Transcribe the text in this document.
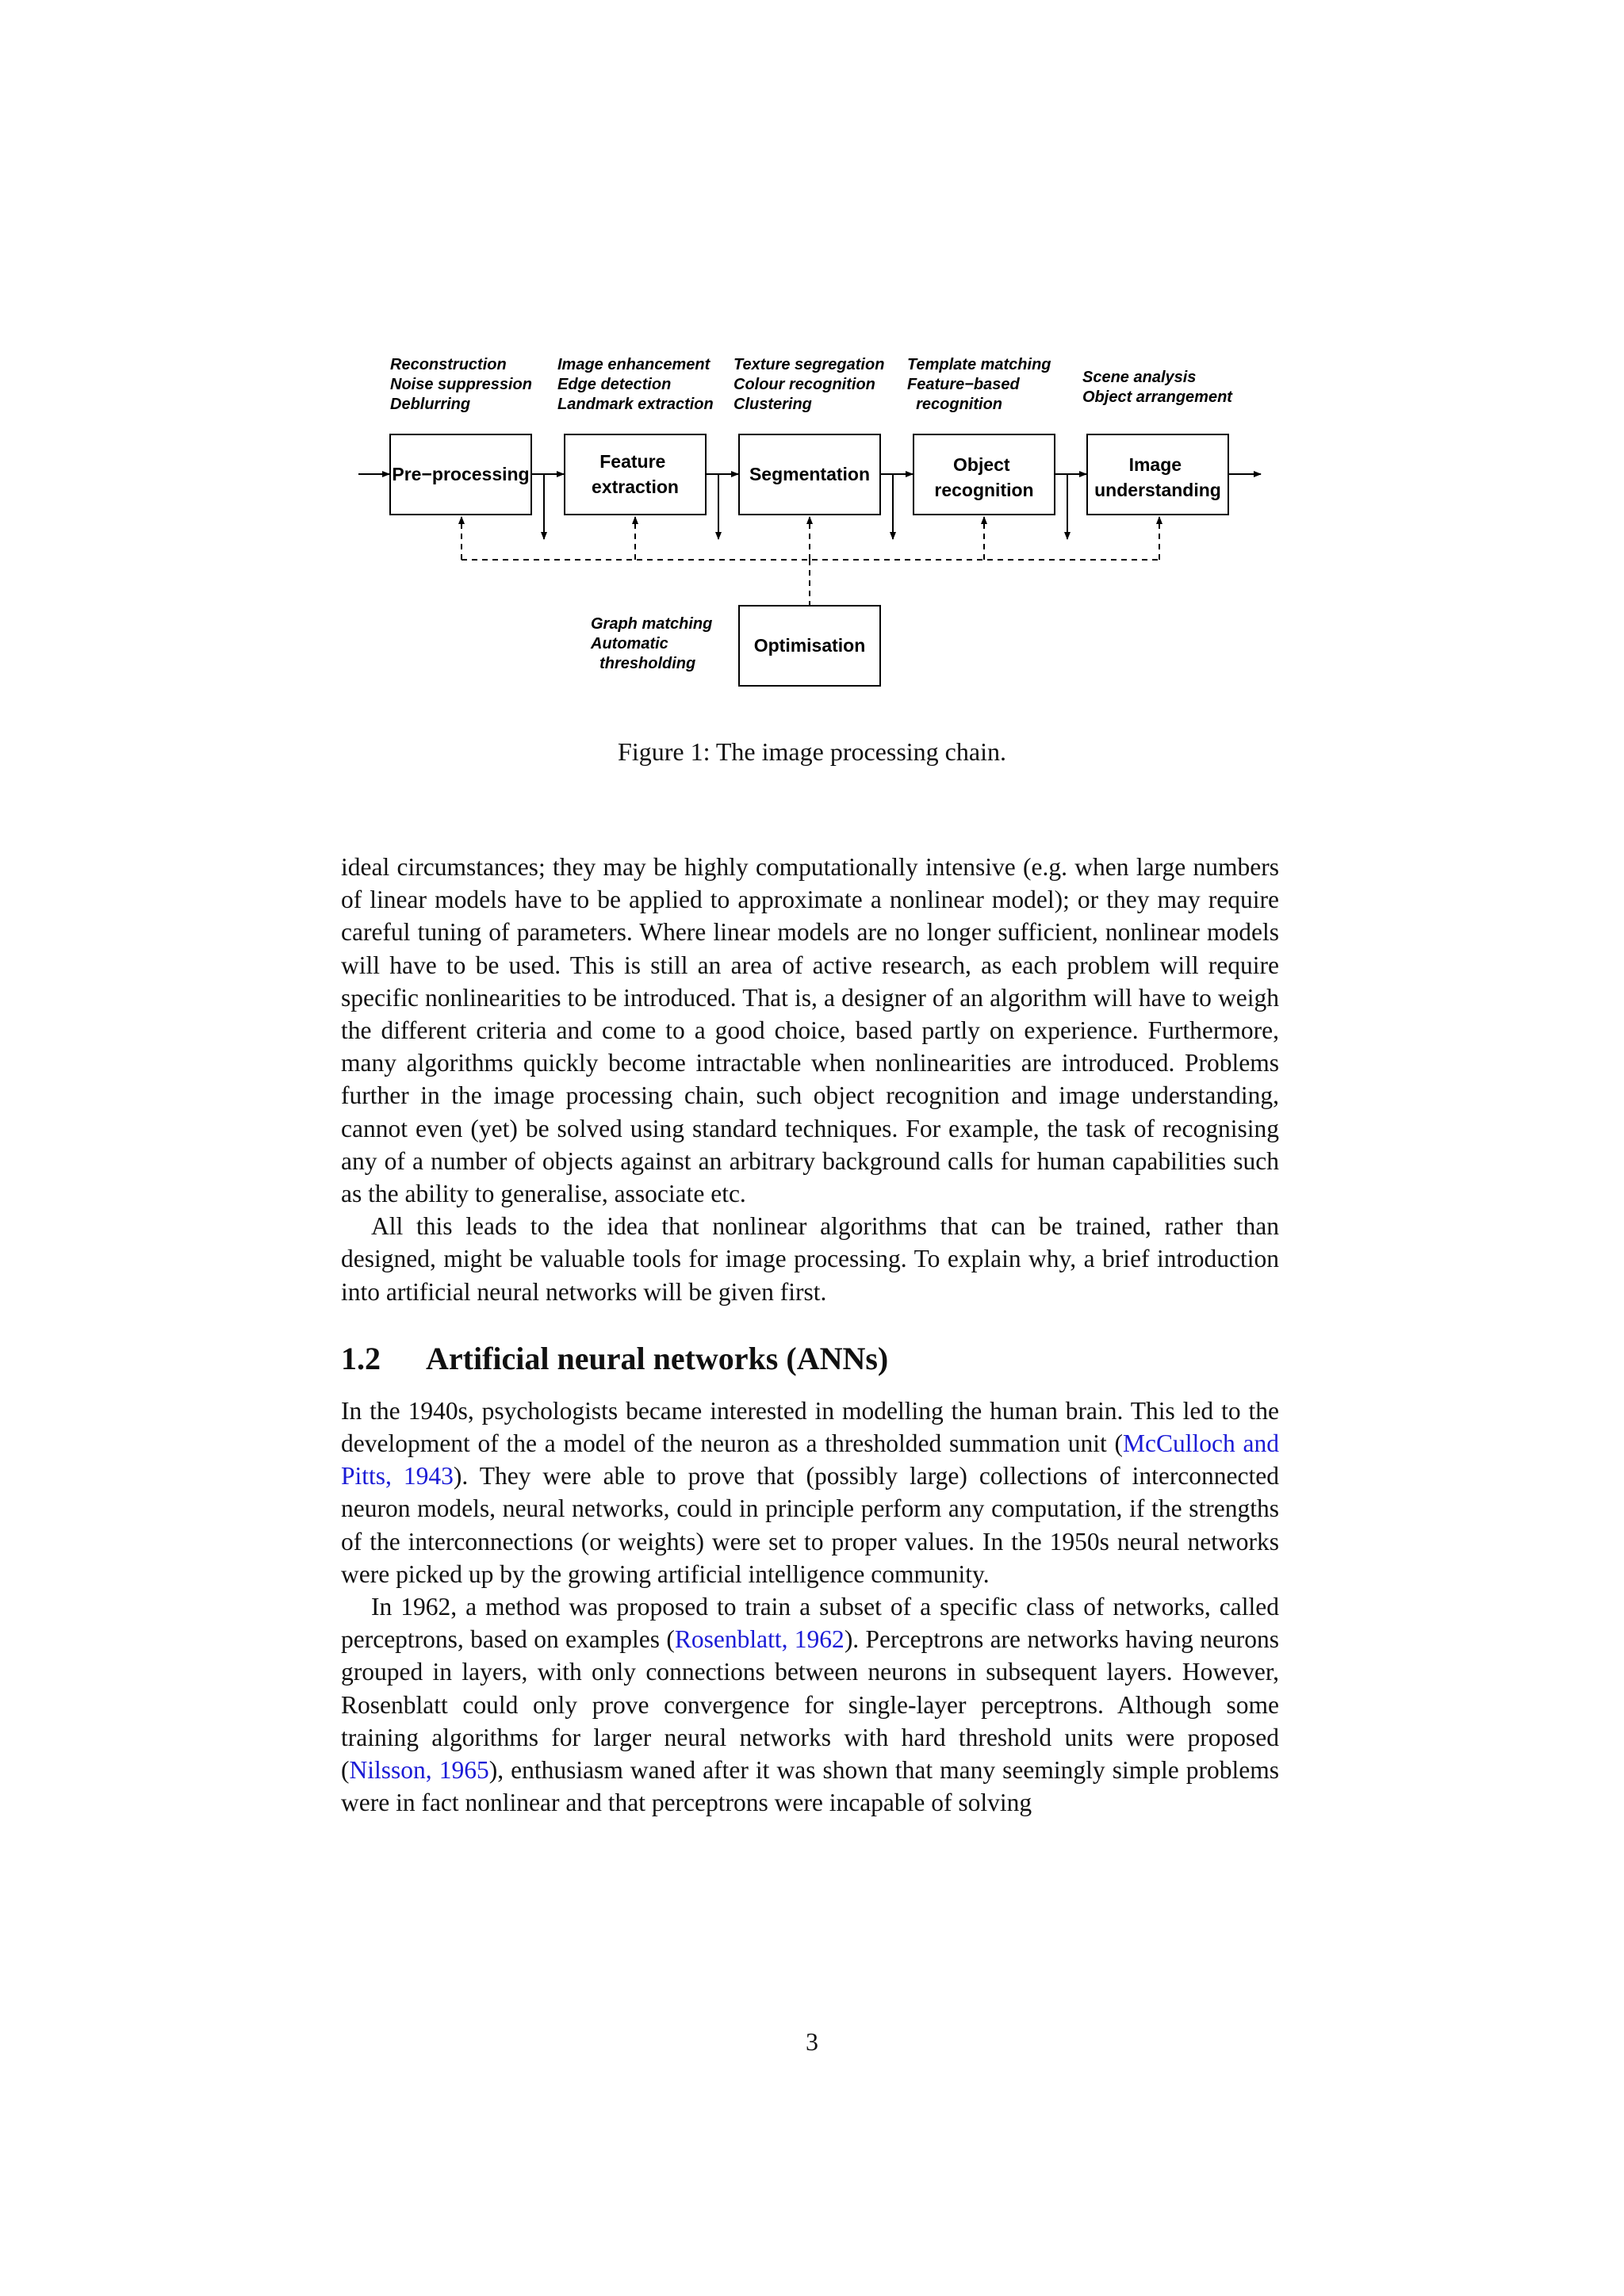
Reconstruction Noise suppression Deblurring
Image enhancement Edge detection Landmark extraction
Texture segregation Colour recognition Clustering
Template matching Feature−based       recognition
Scene analysis Object arrangement
Pre−processing
Feature extraction
Segmentation	Object recognition
Image understanding
Optimisation
Graph matching Automatic       thresholding
Figure 1: The image processing chain.

ideal circumstances; they may be highly computationally intensive (e.g. when large numbers of linear models have to be applied to approximate a nonlinear model); or they may require careful tuning of parameters. Where linear models are no longer sufficient, nonlinear models will have to be used. This is still an area of active research, as each problem will require specific nonlinearities to be introduced. That is, a designer of an algorithm will have to weigh the different criteria and come to a good choice, based partly on experience. Furthermore, many algorithms quickly become intractable when nonlinearities are introduced. Problems further in the image processing chain, such object recognition and image understanding, cannot even (yet) be solved using standard techniques. For example, the task of recognising any of a number of objects against an arbitrary background calls for human capabilities such as the ability to generalise, associate etc.

All this leads to the idea that nonlinear algorithms that can be trained, rather than designed, might be valuable tools for image processing. To explain why, a brief introduction into artificial neural networks will be given first.

1.2 Artificial neural networks (ANNs)

In the 1940s, psychologists became interested in modelling the human brain. This led to the development of the a model of the neuron as a thresholded summation unit (McCulloch and Pitts, 1943). They were able to prove that (possibly large) collections of interconnected neuron models, neural networks, could in principle perform any computation, if the strengths of the interconnections (or weights) were set to proper values. In the 1950s neural networks were picked up by the growing artificial intelligence community.

In 1962, a method was proposed to train a subset of a specific class of networks, called perceptrons, based on examples (Rosenblatt, 1962). Perceptrons are networks having neurons grouped in layers, with only connections between neurons in subsequent layers. However, Rosenblatt could only prove convergence for single-layer perceptrons. Although some training algorithms for larger neural networks with hard threshold units were proposed (Nilsson, 1965), enthusiasm waned after it was shown that many seemingly simple problems were in fact nonlinear and that perceptrons were incapable of solving

3
